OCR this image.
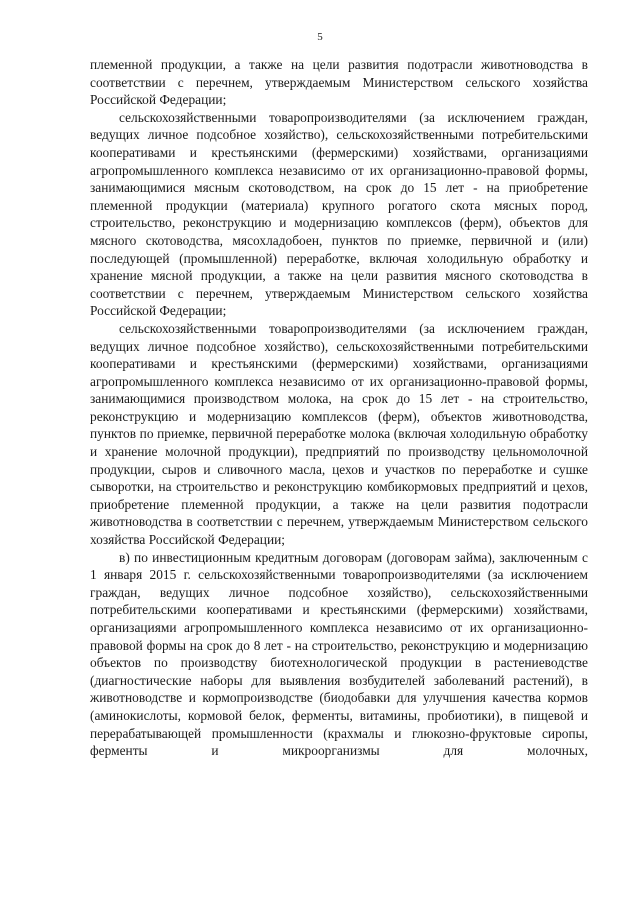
5

племенной продукции, а также на цели развития подотрасли животноводства в соответствии с перечнем, утверждаемым Министерством сельского хозяйства Российской Федерации;

сельскохозяйственными товаропроизводителями (за исключением граждан, ведущих личное подсобное хозяйство), сельскохозяйственными потребительскими кооперативами и крестьянскими (фермерскими) хозяйствами, организациями агропромышленного комплекса независимо от их организационно-правовой формы, занимающимися мясным скотоводством, на срок до 15 лет - на приобретение племенной продукции (материала) крупного рогатого скота мясных пород, строительство, реконструкцию и модернизацию комплексов (ферм), объектов для мясного скотоводства, мясохладобоен, пунктов по приемке, первичной и (или) последующей (промышленной) переработке, включая холодильную обработку и хранение мясной продукции, а также на цели развития мясного скотоводства в соответствии с перечнем, утверждаемым Министерством сельского хозяйства Российской Федерации;

сельскохозяйственными товаропроизводителями (за исключением граждан, ведущих личное подсобное хозяйство), сельскохозяйственными потребительскими кооперативами и крестьянскими (фермерскими) хозяйствами, организациями агропромышленного комплекса независимо от их организационно-правовой формы, занимающимися производством молока, на срок до 15 лет - на строительство, реконструкцию и модернизацию комплексов (ферм), объектов животноводства, пунктов по приемке, первичной переработке молока (включая холодильную обработку и хранение молочной продукции), предприятий по производству цельномолочной продукции, сыров и сливочного масла, цехов и участков по переработке и сушке сыворотки, на строительство и реконструкцию комбикормовых предприятий и цехов, приобретение племенной продукции, а также на цели развития подотрасли животноводства в соответствии с перечнем, утверждаемым Министерством сельского хозяйства Российской Федерации;

в) по инвестиционным кредитным договорам (договорам займа), заключенным с 1 января 2015 г. сельскохозяйственными товаропроизводителями (за исключением граждан, ведущих личное подсобное хозяйство), сельскохозяйственными потребительскими кооперативами и крестьянскими (фермерскими) хозяйствами, организациями агропромышленного комплекса независимо от их организационно-правовой формы на срок до 8 лет - на строительство, реконструкцию и модернизацию объектов по производству биотехнологической продукции в растениеводстве (диагностические наборы для выявления возбудителей заболеваний растений), в животноводстве и кормопроизводстве (биодобавки для улучшения качества кормов (аминокислоты, кормовой белок, ферменты, витамины, пробиотики), в пищевой и перерабатывающей промышленности (крахмалы и глюкозно-фруктовые сиропы, ферменты и микроорганизмы для молочных,
